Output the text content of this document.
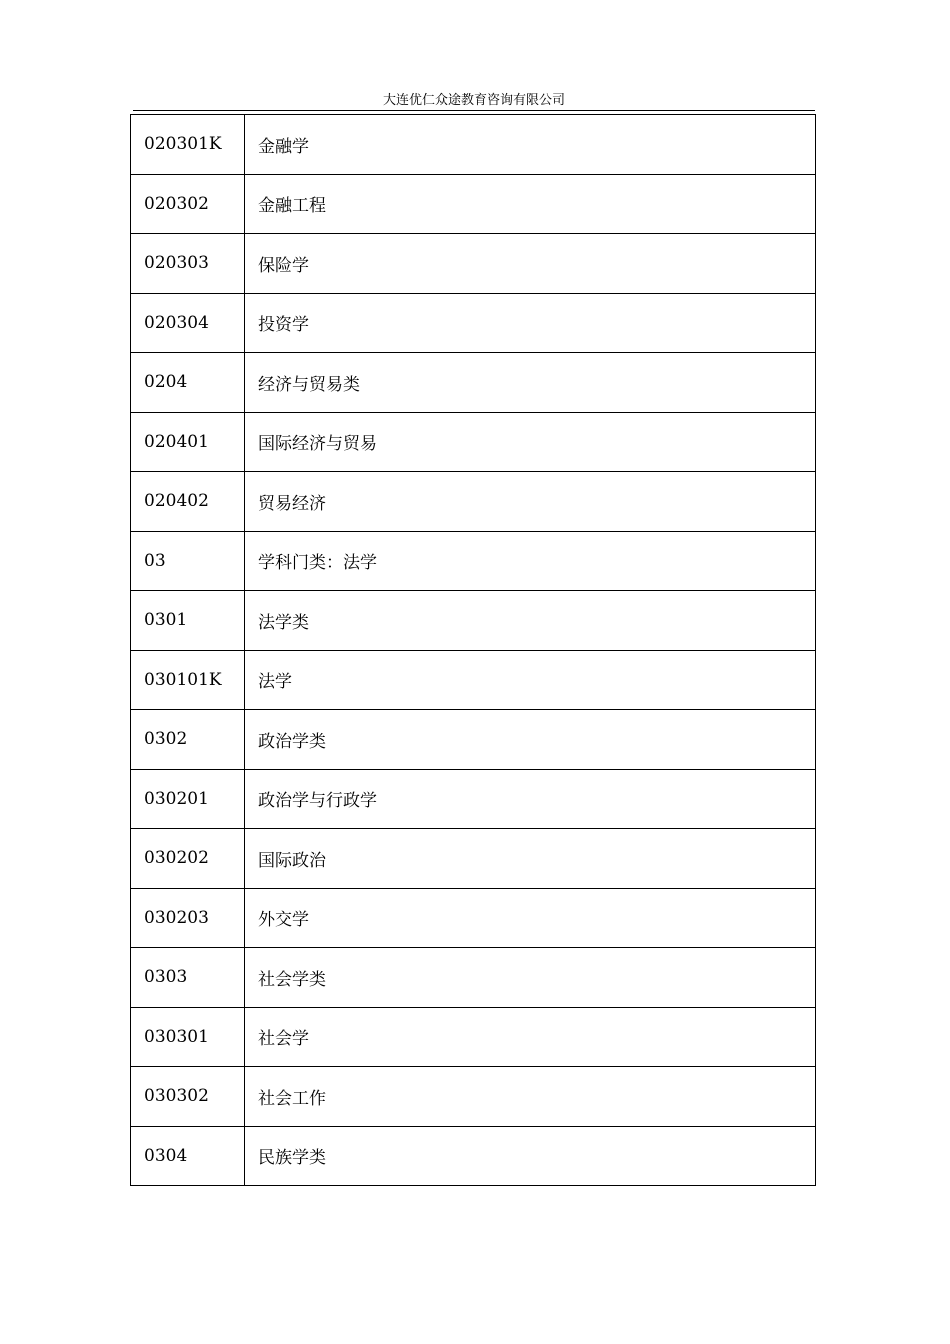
大连优仁众途教育咨询有限公司
020301K	金融学
020302	金融工程
020303	保险学
020304	投资学
0204	经济与贸易类
020401	国际经济与贸易
020402	贸易经济
03	学科门类：法学
0301	法学类
030101K	法学
0302	政治学类
030201	政治学与行政学
030202	国际政治
030203	外交学
0303	社会学类
030301	社会学
030302	社会工作
0304	民族学类
